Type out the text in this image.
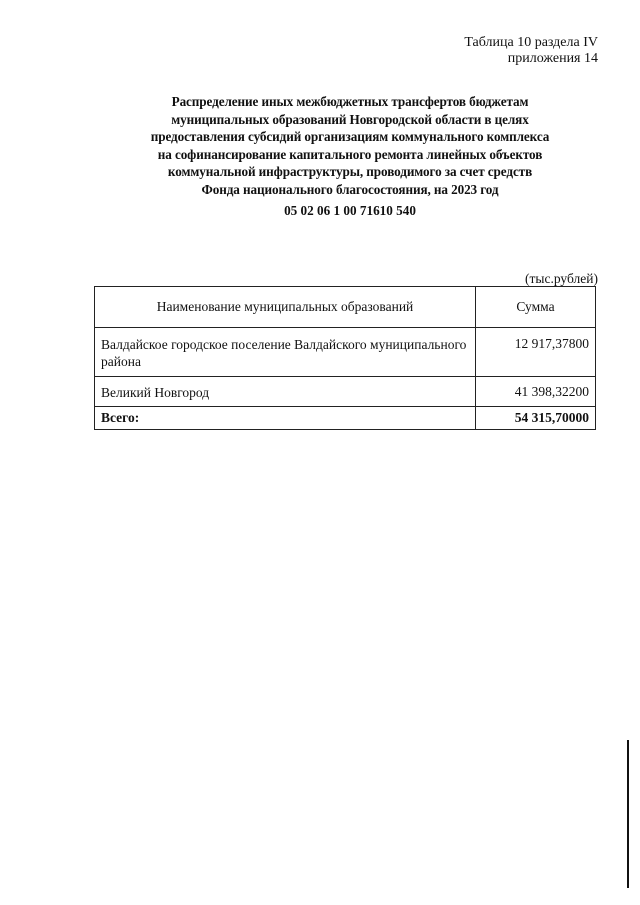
Таблица 10 раздела IV
приложения 14
Распределение иных межбюджетных трансфертов бюджетам
муниципальных образований Новгородской области в целях
предоставления субсидий организациям коммунального комплекса
на софинансирование капитального ремонта линейных объектов
коммунальной инфраструктуры, проводимого за счет средств
Фонда национального благосостояния, на 2023 год
05 02 06 1 00 71610 540
(тыс.рублей)
Наименование муниципальных образований	Сумма
Валдайское городское поселение Валдайского муниципального района	12 917,37800
Великий Новгород	41 398,32200
Всего:	54 315,70000
